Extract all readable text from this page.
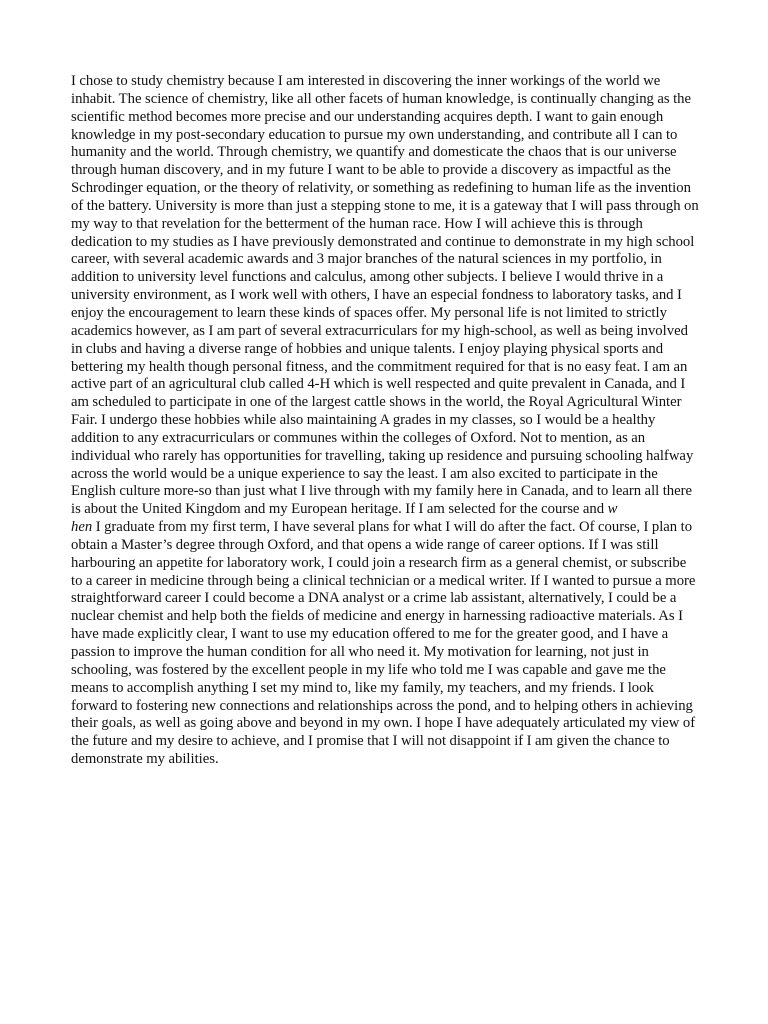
I chose to study chemistry because I am interested in discovering the inner workings of the world we inhabit. The science of chemistry, like all other facets of human knowledge, is continually changing as the scientific method becomes more precise and our understanding acquires depth. I want to gain enough knowledge in my post-secondary education to pursue my own understanding, and contribute all I can to humanity and the world. Through chemistry, we quantify and domesticate the chaos that is our universe through human discovery, and in my future I want to be able to provide a discovery as impactful as the Schrodinger equation, or the theory of relativity, or something as redefining to human life as the invention of the battery. University is more than just a stepping stone to me, it is a gateway that I will pass through on my way to that revelation for the betterment of the human race. How I will achieve this is through dedication to my studies as I have previously demonstrated and continue to demonstrate in my high school career, with several academic awards and 3 major branches of the natural sciences in my portfolio, in addition to university level functions and calculus, among other subjects. I believe I would thrive in a university environment, as I work well with others, I have an especial fondness to laboratory tasks, and I enjoy the encouragement to learn these kinds of spaces offer. My personal life is not limited to strictly academics however, as I am part of several extracurriculars for my high-school, as well as being involved in clubs and having a diverse range of hobbies and unique talents. I enjoy playing physical sports and bettering my health though personal fitness, and the commitment required for that is no easy feat. I am an active part of an agricultural club called 4-H which is well respected and quite prevalent in Canada, and I am scheduled to participate in one of the largest cattle shows in the world, the Royal Agricultural Winter Fair. I undergo these hobbies while also maintaining A grades in my classes, so I would be a healthy addition to any extracurriculars or communes within the colleges of Oxford. Not to mention, as an individual who rarely has opportunities for travelling, taking up residence and pursuing schooling halfway across the world would be a unique experience to say the least. I am also excited to participate in the English culture more-so than just what I live through with my family here in Canada, and to learn all there is about the United Kingdom and my European heritage. If I am selected for the course and w
hen I graduate from my first term, I have several plans for what I will do after the fact. Of course, I plan to obtain a Master’s degree through Oxford, and that opens a wide range of career options. If I was still harbouring an appetite for laboratory work, I could join a research firm as a general chemist, or subscribe to a career in medicine through being a clinical technician or a medical writer. If I wanted to pursue a more straightforward career I could become a DNA analyst or a crime lab assistant, alternatively, I could be a nuclear chemist and help both the fields of medicine and energy in harnessing radioactive materials. As I have made explicitly clear, I want to use my education offered to me for the greater good, and I have a passion to improve the human condition for all who need it. My motivation for learning, not just in schooling, was fostered by the excellent people in my life who told me I was capable and gave me the means to accomplish anything I set my mind to, like my family, my teachers, and my friends. I look forward to fostering new connections and relationships across the pond, and to helping others in achieving their goals, as well as going above and beyond in my own. I hope I have adequately articulated my view of the future and my desire to achieve, and I promise that I will not disappoint if I am given the chance to demonstrate my abilities.
